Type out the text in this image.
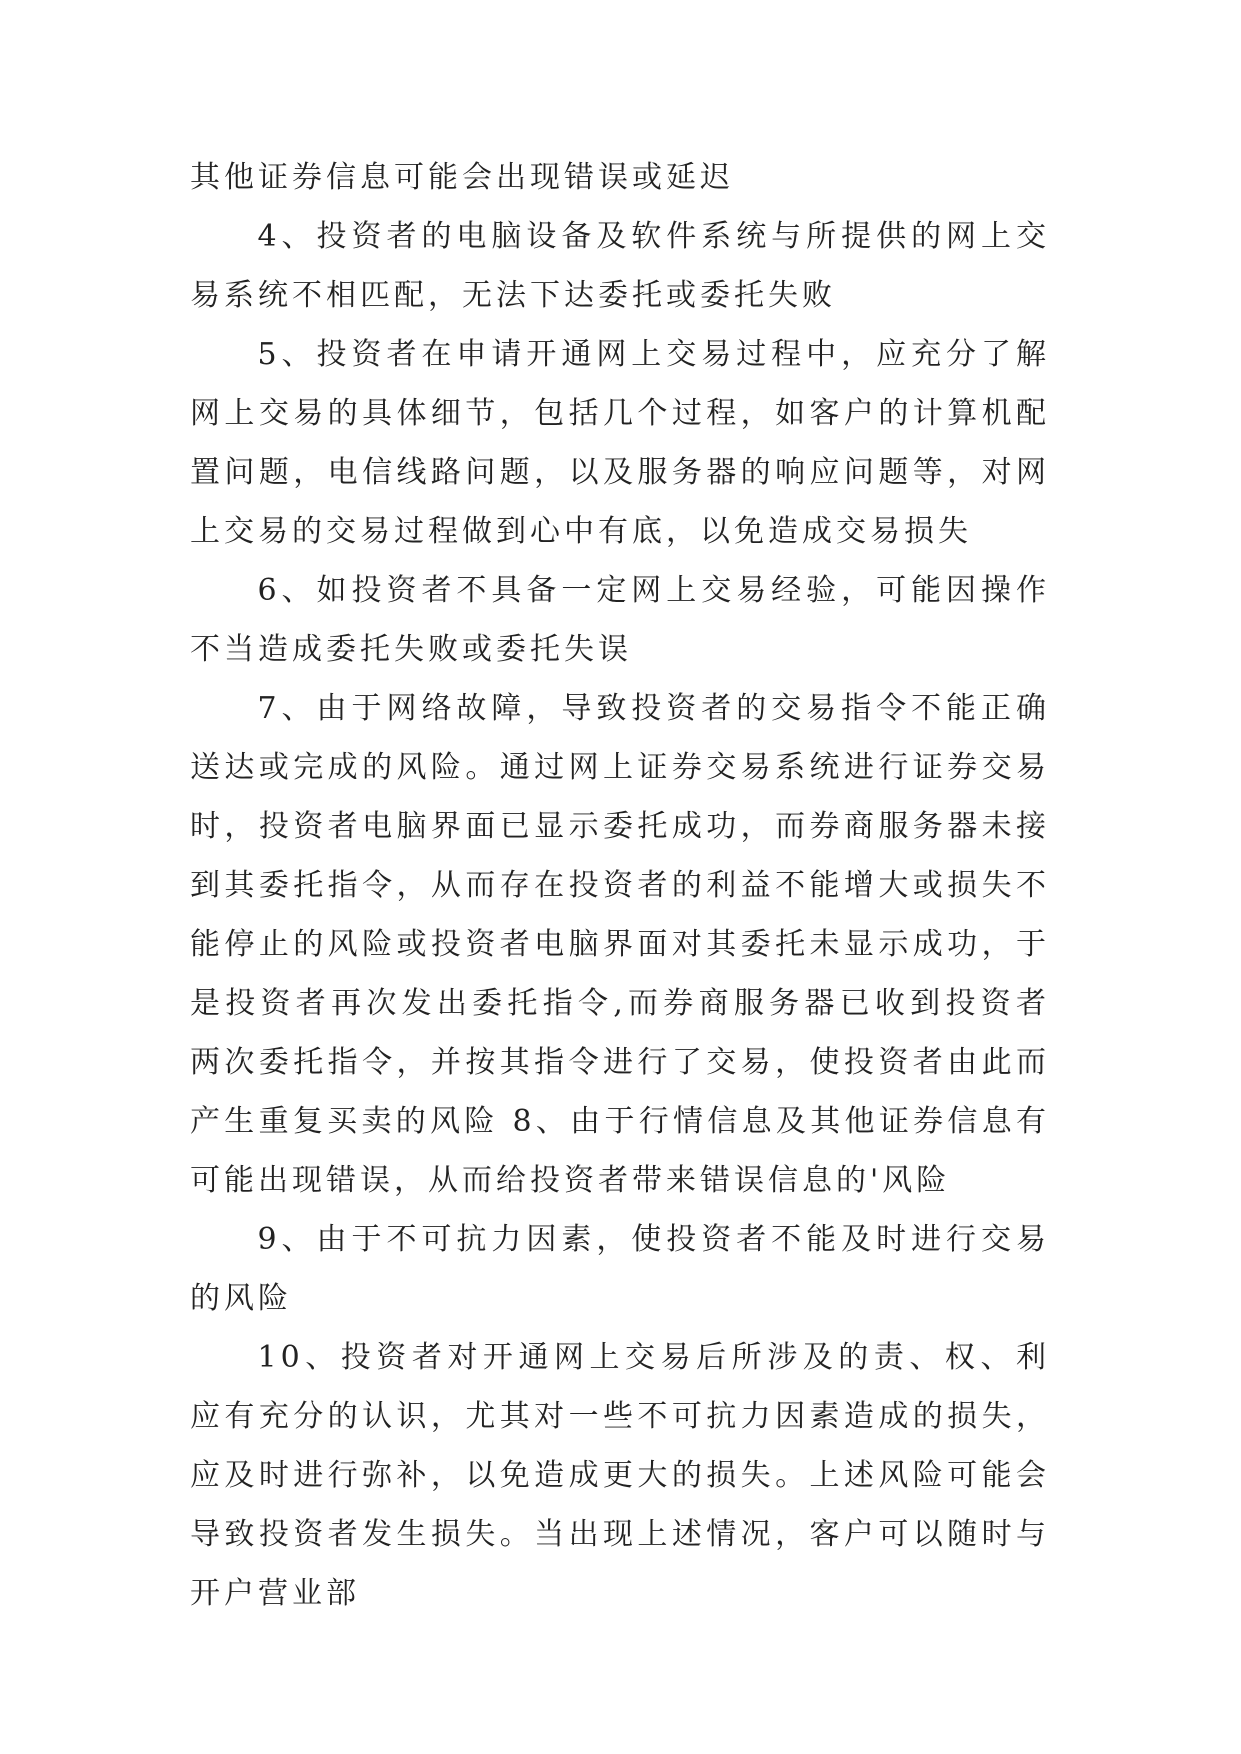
其他证券信息可能会出现错误或延迟

4、投资者的电脑设备及软件系统与所提供的网上交易系统不相匹配，无法下达委托或委托失败

5、投资者在申请开通网上交易过程中，应充分了解网上交易的具体细节，包括几个过程，如客户的计算机配置问题，电信线路问题，以及服务器的响应问题等，对网上交易的交易过程做到心中有底，以免造成交易损失

6、如投资者不具备一定网上交易经验，可能因操作不当造成委托失败或委托失误

7、由于网络故障，导致投资者的交易指令不能正确送达或完成的风险。通过网上证券交易系统进行证券交易时，投资者电脑界面已显示委托成功，而券商服务器未接到其委托指令，从而存在投资者的利益不能增大或损失不能停止的风险或投资者电脑界面对其委托未显示成功，于是投资者再次发出委托指令,而券商服务器已收到投资者两次委托指令，并按其指令进行了交易，使投资者由此而产生重复买卖的风险 8、由于行情信息及其他证券信息有可能出现错误，从而给投资者带来错误信息的'风险

9、由于不可抗力因素，使投资者不能及时进行交易的风险

10、投资者对开通网上交易后所涉及的责、权、利应有充分的认识，尤其对一些不可抗力因素造成的损失，应及时进行弥补，以免造成更大的损失。上述风险可能会导致投资者发生损失。当出现上述情况，客户可以随时与开户营业部
